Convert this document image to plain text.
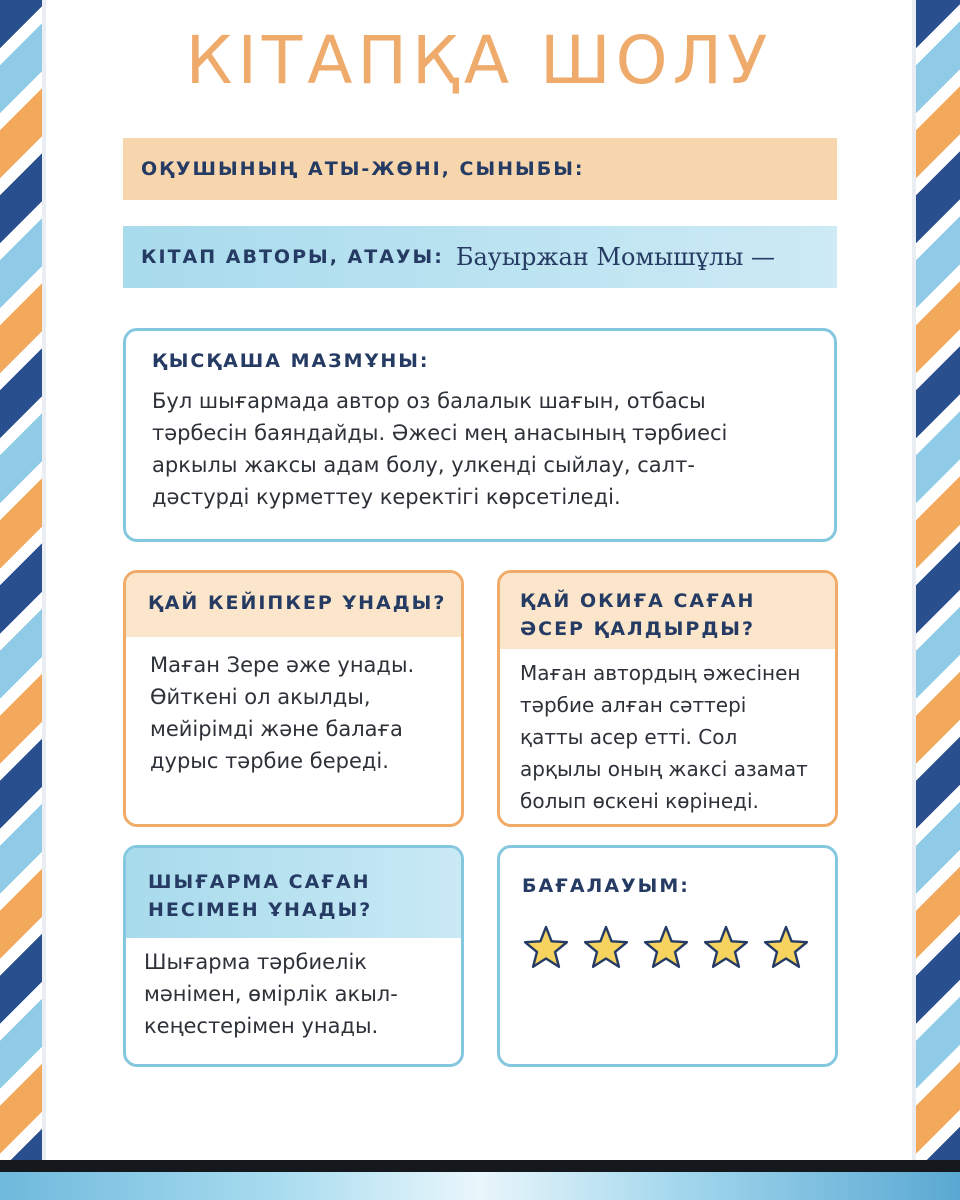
КІТАПҚА ШОЛУ
ОҚУШЫНЫҢ АТЫ-ЖӨНІ, СЫНЫБЫ:
КІТАП АВТОРЫ, АТАУЫ: Бауыржан Момышұлы —
ҚЫСҚАША МАЗМҰНЫ:
Бул шығармада автор оз балалык шағын, отбасы
тәрбесін баяндайды. Әжесі мең анасының тәрбиесі
аркылы жаксы адам болу, улкенді сыйлау, салт-
дәстурді курметтеу керектігі көрсетіледі.
ҚАЙ КЕЙІПКЕР ҰНАДЫ?
Маған Зере әже унады.
Өйткені ол акылды,
мейірімді және балаға
дурыс тәрбие береді.
ҚАЙ ОКИҒА САҒАН
ӘСЕР ҚАЛДЫРДЫ?
Маған автордың әжесінен
тәрбие алған сәттері
қатты асер етті. Сол
арқылы оның жаксі азамат
болып өскені көрінеді.
ШЫҒАРМА САҒАН
НЕСІМЕН ҰНАДЫ?
Шығарма тәрбиелік
мәнімен, өмірлік акыл-
кеңестерімен унады.
БАҒАЛАУЫМ:
